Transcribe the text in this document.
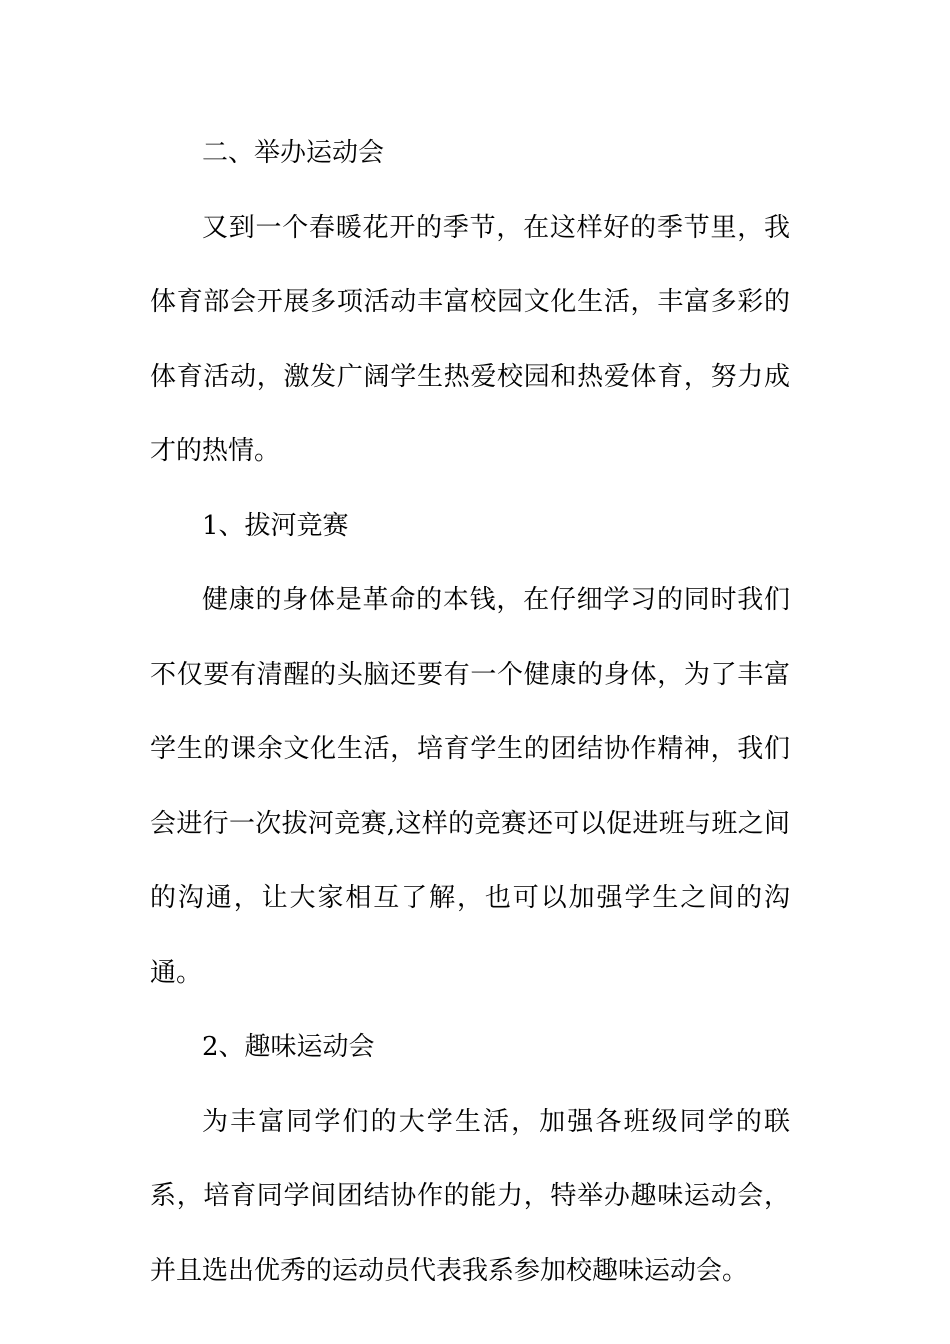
二、举办运动会

又到一个春暖花开的季节，在这样好的季节里，我体育部会开展多项活动丰富校园文化生活，丰富多彩的体育活动，激发广阔学生热爱校园和热爱体育，努力成才的热情。

1、拔河竞赛

健康的身体是革命的本钱，在仔细学习的同时我们不仅要有清醒的头脑还要有一个健康的身体，为了丰富学生的课余文化生活，培育学生的团结协作精神，我们会进行一次拔河竞赛,这样的竞赛还可以促进班与班之间的沟通，让大家相互了解，也可以加强学生之间的沟通。

2、趣味运动会

为丰富同学们的大学生活，加强各班级同学的联系，培育同学间团结协作的能力，特举办趣味运动会，并且选出优秀的运动员代表我系参加校趣味运动会。
